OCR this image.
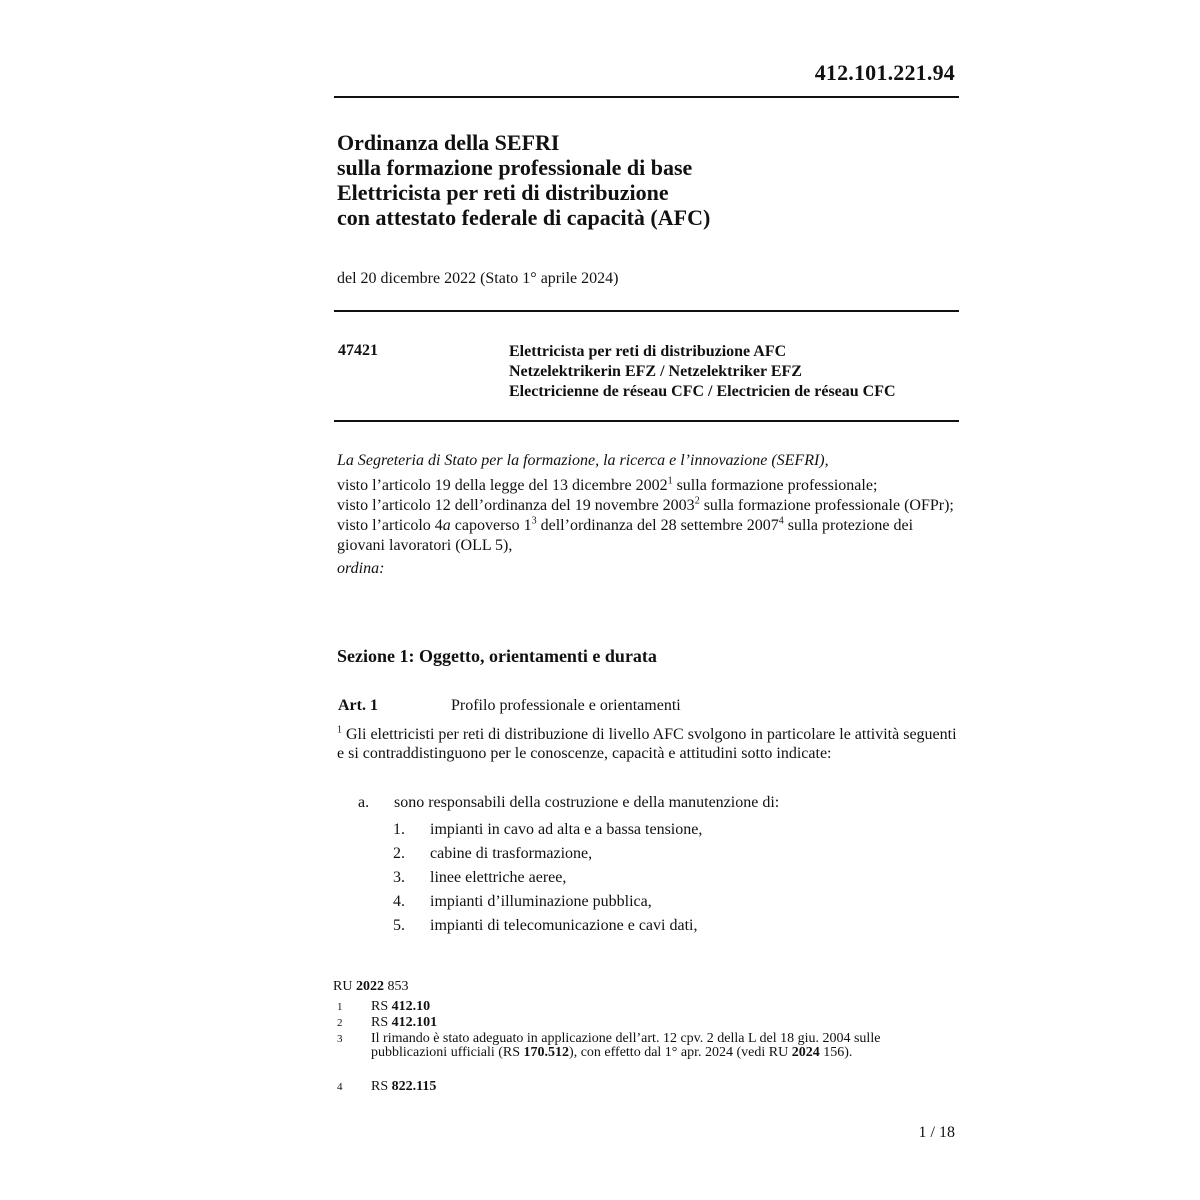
412.101.221.94
Ordinanza della SEFRI
sulla formazione professionale di base
Elettricista per reti di distribuzione
con attestato federale di capacità (AFC)
del 20 dicembre 2022 (Stato 1° aprile 2024)
47421	Elettricista per reti di distribuzione AFC
Netzelektrikerin EFZ / Netzelektriker EFZ
Electricienne de réseau CFC / Electricien de réseau CFC
La Segreteria di Stato per la formazione, la ricerca e l’innovazione (SEFRI),
visto l’articolo 19 della legge del 13 dicembre 2002$^1$ sulla formazione professionale;
visto l’articolo 12 dell’ordinanza del 19 novembre 2003$^2$ sulla formazione professionale (OFPr);
visto l’articolo 4a capoverso $1^3$ dell’ordinanza del 28 settembre 2007$^4$ sulla protezione dei giovani lavoratori (OLL 5),
ordina:
Sezione 1: Oggetto, orientamenti e durata
Art. 1	Profilo professionale e orientamenti
$^1$ Gli elettricisti per reti di distribuzione di livello AFC svolgono in particolare le attività seguenti e si contraddistinguono per le conoscenze, capacità e attitudini sotto indicate:
a. sono responsabili della costruzione e della manutenzione di:
1.	impianti in cavo ad alta e a bassa tensione,
2.	cabine di trasformazione,
3.	linee elettriche aeree,
4.	impianti d’illuminazione pubblica,
5.	impianti di telecomunicazione e cavi dati,
RU 2022 853
1	RS 412.10
2	RS 412.101
3	Il rimando è stato adeguato in applicazione dell’art. 12 cpv. 2 della L del 18 giu. 2004 sulle pubblicazioni ufficiali (RS 170.512), con effetto dal 1° apr. 2024 (vedi RU 2024 156).
4	RS 822.115
1 / 18
